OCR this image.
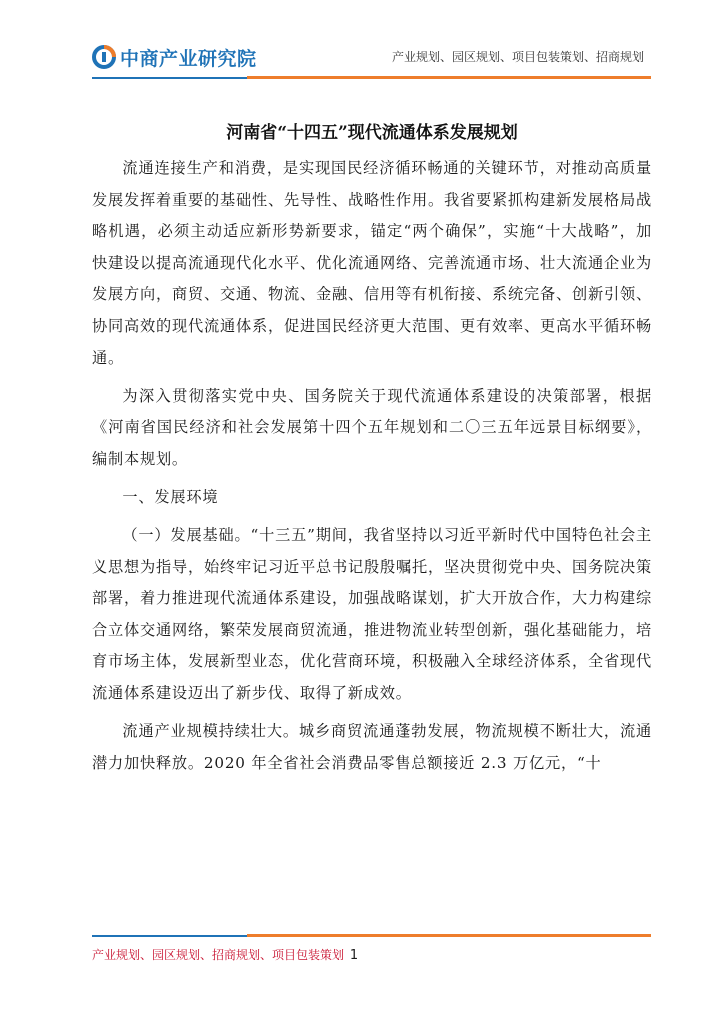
中商产业研究院	产业规划、园区规划、项目包装策划、招商规划
河南省“十四五”现代流通体系发展规划

流通连接生产和消费，是实现国民经济循环畅通的关键环节，对推动高质量发展发挥着重要的基础性、先导性、战略性作用。我省要紧抓构建新发展格局战略机遇，必须主动适应新形势新要求，锚定“两个确保”，实施“十大战略”，加快建设以提高流通现代化水平、优化流通网络、完善流通市场、壮大流通企业为发展方向，商贸、交通、物流、金融、信用等有机衔接、系统完备、创新引领、协同高效的现代流通体系，促进国民经济更大范围、更有效率、更高水平循环畅通。

为深入贯彻落实党中央、国务院关于现代流通体系建设的决策部署，根据《河南省国民经济和社会发展第十四个五年规划和二〇三五年远景目标纲要》，编制本规划。

一、发展环境

（一）发展基础。“十三五”期间，我省坚持以习近平新时代中国特色社会主义思想为指导，始终牢记习近平总书记殷殷嘱托，坚决贯彻党中央、国务院决策部署，着力推进现代流通体系建设，加强战略谋划，扩大开放合作，大力构建综合立体交通网络，繁荣发展商贸流通，推进物流业转型创新，强化基础能力，培育市场主体，发展新型业态，优化营商环境，积极融入全球经济体系，全省现代流通体系建设迈出了新步伐、取得了新成效。

流通产业规模持续壮大。城乡商贸流通蓬勃发展，物流规模不断壮大，流通潜力加快释放。2020 年全省社会消费品零售总额接近 2.3 万亿元，“十

产业规划、园区规划、招商规划、项目包装策划 1
